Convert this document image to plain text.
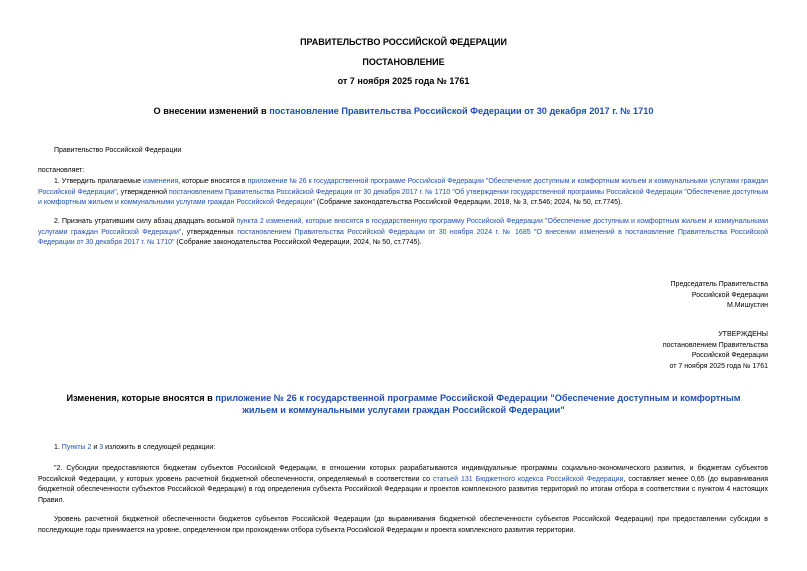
ПРАВИТЕЛЬСТВО РОССИЙСКОЙ ФЕДЕРАЦИИ
ПОСТАНОВЛЕНИЕ
от 7 ноября 2025 года № 1761
О внесении изменений в постановление Правительства Российской Федерации от 30 декабря 2017 г. № 1710
Правительство Российской Федерации
постановляет:
1. Утвердить прилагаемые изменения, которые вносятся в приложение № 26 к государственной программе Российской Федерации "Обеспечение доступным и комфортным жильем и коммунальными услугами граждан Российской Федерации", утвержденной постановлением Правительства Российской Федерации от 30 декабря 2017 г. № 1710 "Об утверждении государственной программы Российской Федерации "Обеспечение доступным и комфортным жильем и коммунальными услугами граждан Российской Федерации" (Собрание законодательства Российской Федерации, 2018, № 3, ст.546; 2024, № 50, ст.7745).
2. Признать утратившим силу абзац двадцать восьмой пункта 2 изменений, которые вносятся в государственную программу Российской Федерации "Обеспечение доступным и комфортным жильем и коммунальными услугами граждан Российской Федерации", утвержденных постановлением Правительства Российской Федерации от 30 ноября 2024 г. № 1685 "О внесении изменений в постановление Правительства Российской Федерации от 30 декабря 2017 г. № 1710" (Собрание законодательства Российской Федерации, 2024, № 50, ст.7745).
Председатель Правительства
Российской Федерации
М.Мишустин
УТВЕРЖДЕНЫ
постановлением Правительства
Российской Федерации
от 7 ноября 2025 года № 1761
Изменения, которые вносятся в приложение № 26 к государственной программе Российской Федерации "Обеспечение доступным и комфортным жильем и коммунальными услугами граждан Российской Федерации"
1. Пункты 2 и 3 изложить в следующей редакции:
"2. Субсидии предоставляются бюджетам субъектов Российской Федерации, в отношении которых разрабатываются индивидуальные программы социально-экономического развития, и бюджетам субъектов Российской Федерации, у которых уровень расчетной бюджетной обеспеченности, определяемый в соответствии со статьей 131 Бюджетного кодекса Российской Федерации, составляет менее 0,65 (до выравнивания бюджетной обеспеченности субъектов Российской Федерации) в год определения субъекта Российской Федерации и проектов комплексного развития территорий по итогам отбора в соответствии с пунктом 4 настоящих Правил.
Уровень расчетной бюджетной обеспеченности бюджетов субъектов Российской Федерации (до выравнивания бюджетной обеспеченности субъектов Российской Федерации) при предоставлении субсидии в последующие годы принимается на уровне, определенном при прохождении отбора субъекта Российской Федерации и проекта комплексного развития территории.
